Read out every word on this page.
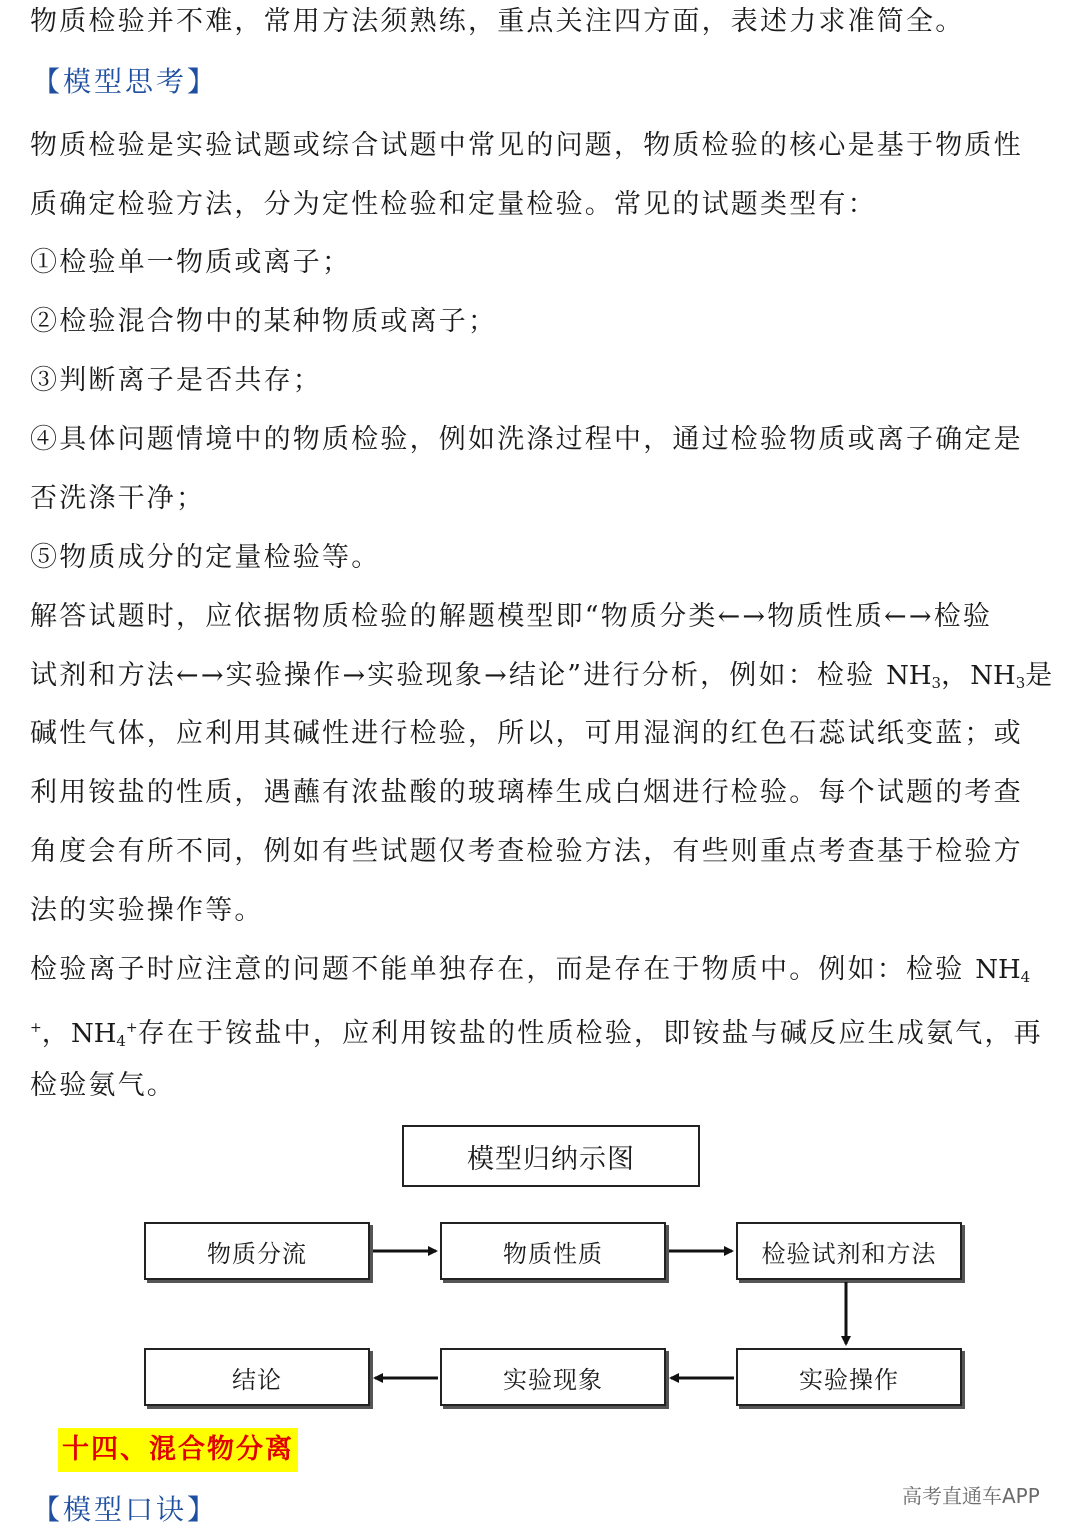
物质检验并不难，常用方法须熟练，重点关注四方面，表述力求准简全。
【模型思考】
物质检验是实验试题或综合试题中常见的问题，物质检验的核心是基于物质性
质确定检验方法，分为定性检验和定量检验。常见的试题类型有：
①检验单一物质或离子；
②检验混合物中的某种物质或离子；
③判断离子是否共存；
④具体问题情境中的物质检验，例如洗涤过程中，通过检验物质或离子确定是
否洗涤干净；
⑤物质成分的定量检验等。
解答试题时，应依据物质检验的解题模型即“物质分类←→物质性质←→检验
试剂和方法←→实验操作→实验现象→结论”进行分析，例如：检验 $NH_3$，$NH_3$是
碱性气体，应利用其碱性进行检验，所以，可用湿润的红色石蕊试纸变蓝；或
利用铵盐的性质，遇蘸有浓盐酸的玻璃棒生成白烟进行检验。每个试题的考查
角度会有所不同，例如有些试题仅考查检验方法，有些则重点考查基于检验方
法的实验操作等。
检验离子时应注意的问题不能单独存在，而是存在于物质中。例如：检验 $NH_4$
+，$NH_4^+$存在于铵盐中，应利用铵盐的性质检验，即铵盐与碱反应生成氨气，再
检验氨气。
模型归纳示图
物质分流	物质性质	检验试剂和方法
结论	实验现象	实验操作
十四、混合物分离
【模型口诀】	高考直通车APP
